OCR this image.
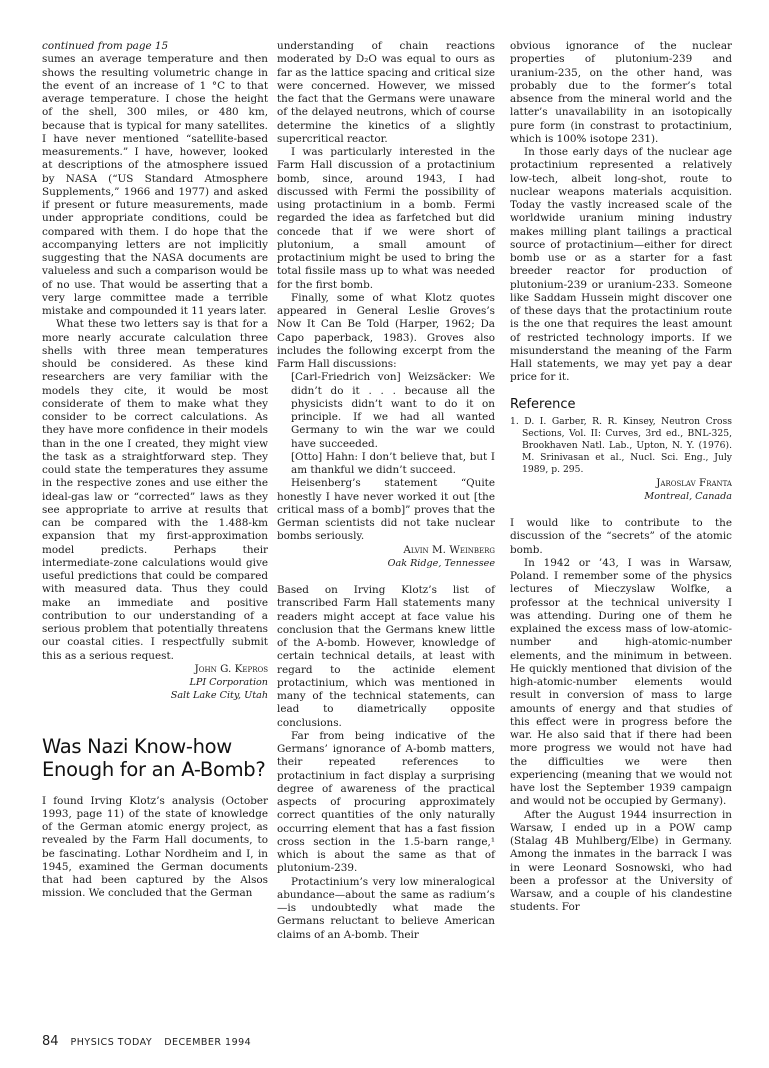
continued from page 15

sumes an average temperature and then shows the resulting volumetric change in the event of an increase of 1 °C to that average temperature. I chose the height of the shell, 300 miles, or 480 km, because that is typical for many satellites. I have never mentioned “satellite-based measurements.” I have, however, looked at descriptions of the atmosphere issued by NASA (“US Standard Atmosphere Supplements,” 1966 and 1977) and asked if present or future measurements, made under appropriate conditions, could be compared with them. I do hope that the accompanying letters are not implicitly suggesting that the NASA documents are valueless and such a comparison would be of no use. That would be asserting that a very large committee made a terrible mistake and compounded it 11 years later.

What these two letters say is that for a more nearly accurate calculation three shells with three mean temperatures should be considered. As these kind researchers are very familiar with the models they cite, it would be most considerate of them to make what they consider to be correct calculations. As they have more confidence in their models than in the one I created, they might view the task as a straightforward step. They could state the temperatures they assume in the respective zones and use either the ideal-gas law or “corrected” laws as they see appropriate to arrive at results that can be compared with the 1.488-km expansion that my first-approximation model predicts. Perhaps their intermediate-zone calculations would give useful predictions that could be compared with measured data. Thus they could make an immediate and positive contribution to our understanding of a serious problem that potentially threatens our coastal cities. I respectfully submit this as a serious request.

John G. Kepros

LPI Corporation

Salt Lake City, Utah

Was Nazi Know-how Enough for an A-Bomb?

I found Irving Klotz’s analysis (October 1993, page 11) of the state of knowledge of the German atomic energy project, as revealed by the Farm Hall documents, to be fascinating. Lothar Nordheim and I, in 1945, examined the German documents that had been captured by the Alsos mission. We concluded that the German

understanding of chain reactions moderated by D₂O was equal to ours as far as the lattice spacing and critical size were concerned. However, we missed the fact that the Germans were unaware of the delayed neutrons, which of course determine the kinetics of a slightly supercritical reactor.

I was particularly interested in the Farm Hall discussion of a protactinium bomb, since, around 1943, I had discussed with Fermi the possibility of using protactinium in a bomb. Fermi regarded the idea as farfetched but did concede that if we were short of plutonium, a small amount of protactinium might be used to bring the total fissile mass up to what was needed for the first bomb.

Finally, some of what Klotz quotes appeared in General Leslie Groves’s Now It Can Be Told (Harper, 1962; Da Capo paperback, 1983). Groves also includes the following excerpt from the Farm Hall discussions:

[Carl-Friedrich von] Weizsäcker: We didn’t do it . . . because all the physicists didn’t want to do it on principle. If we had all wanted Germany to win the war we could have succeeded.

[Otto] Hahn: I don’t believe that, but I am thankful we didn’t succeed.

Heisenberg’s statement “Quite honestly I have never worked it out [the critical mass of a bomb]” proves that the German scientists did not take nuclear bombs seriously.

Alvin M. Weinberg

Oak Ridge, Tennessee

Based on Irving Klotz’s list of transcribed Farm Hall statements many readers might accept at face value his conclusion that the Germans knew little of the A-bomb. However, knowledge of certain technical details, at least with regard to the actinide element protactinium, which was mentioned in many of the technical statements, can lead to diametrically opposite conclusions.

Far from being indicative of the Germans’ ignorance of A-bomb matters, their repeated references to protactinium in fact display a surprising degree of awareness of the practical aspects of procuring approximately correct quantities of the only naturally occurring element that has a fast fission cross section in the 1.5-barn range,¹ which is about the same as that of plutonium-239.

Protactinium’s very low mineralogical abundance—about the same as radium’s—is undoubtedly what made the Germans reluctant to believe American claims of an A-bomb. Their

obvious ignorance of the nuclear properties of plutonium-239 and uranium-235, on the other hand, was probably due to the former’s total absence from the mineral world and the latter’s unavailability in an isotopically pure form (in constrast to protactinium, which is 100% isotope 231).

In those early days of the nuclear age protactinium represented a relatively low-tech, albeit long-shot, route to nuclear weapons materials acquisition. Today the vastly increased scale of the worldwide uranium mining industry makes milling plant tailings a practical source of protactinium—either for direct bomb use or as a starter for a fast breeder reactor for production of plutonium-239 or uranium-233. Someone like Saddam Hussein might discover one of these days that the protactinium route is the one that requires the least amount of restricted technology imports. If we misunderstand the meaning of the Farm Hall statements, we may yet pay a dear price for it.

Reference

1. D. I. Garber, R. R. Kinsey, Neutron Cross Sections, Vol. II: Curves, 3rd ed., BNL-325, Brookhaven Natl. Lab., Upton, N. Y. (1976). M. Srinivasan et al., Nucl. Sci. Eng., July 1989, p. 295.

Jaroslav Franta

Montreal, Canada

I would like to contribute to the discussion of the “secrets” of the atomic bomb.

In 1942 or ’43, I was in Warsaw, Poland. I remember some of the physics lectures of Mieczyslaw Wolfke, a professor at the technical university I was attending. During one of them he explained the excess mass of low-atomic-number and high-atomic-number elements, and the minimum in between. He quickly mentioned that division of the high-atomic-number elements would result in conversion of mass to large amounts of energy and that studies of this effect were in progress before the war. He also said that if there had been more progress we would not have had the difficulties we were then experiencing (meaning that we would not have lost the September 1939 campaign and would not be occupied by Germany).

After the August 1944 insurrection in Warsaw, I ended up in a POW camp (Stalag 4B Muhlberg/Elbe) in Germany. Among the inmates in the barrack I was in were Leonard Sosnowski, who had been a professor at the University of Warsaw, and a couple of his clandestine students. For

84 PHYSICS TODAY DECEMBER 1994
